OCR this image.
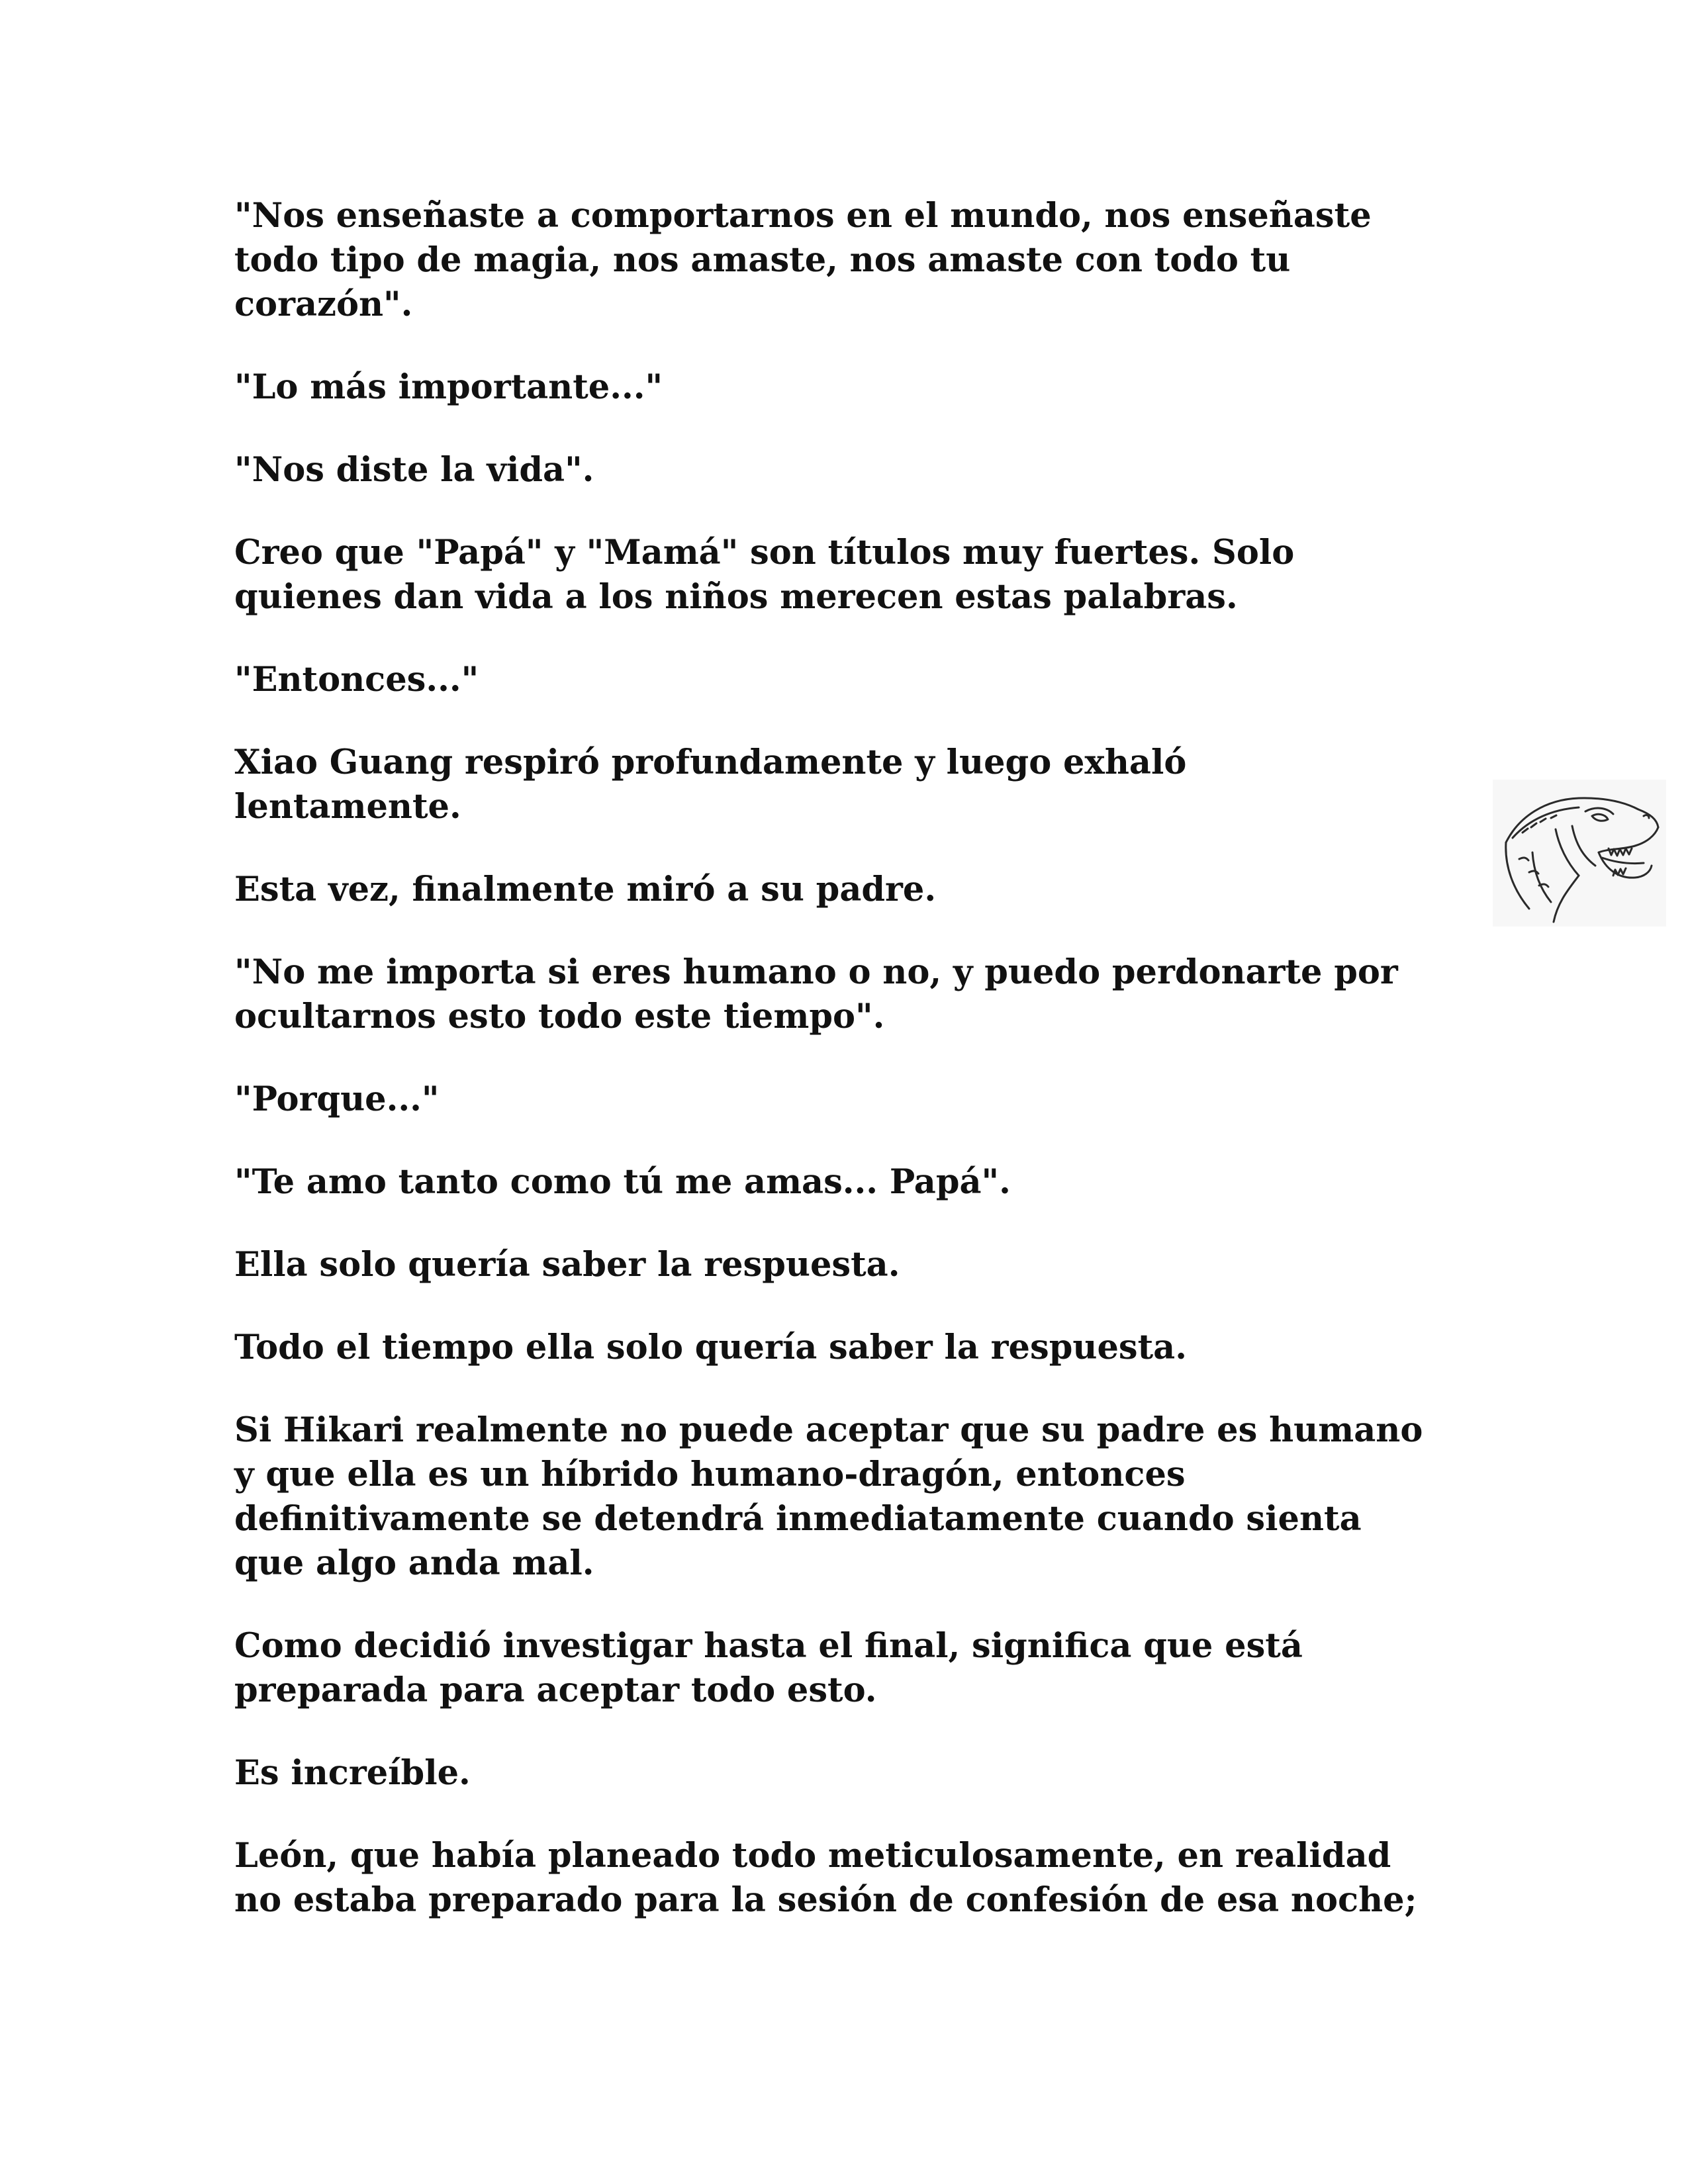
"Nos enseñaste a comportarnos en el mundo, nos enseñaste
todo tipo de magia, nos amaste, nos amaste con todo tu
corazón".

"Lo más importante..."

"Nos diste la vida".

Creo que "Papá" y "Mamá" son títulos muy fuertes. Solo
quienes dan vida a los niños merecen estas palabras.

"Entonces..."

Xiao Guang respiró profundamente y luego exhaló
lentamente.

Esta vez, finalmente miró a su padre.

"No me importa si eres humano o no, y puedo perdonarte por
ocultarnos esto todo este tiempo".

"Porque..."

"Te amo tanto como tú me amas... Papá".

Ella solo quería saber la respuesta.

Todo el tiempo ella solo quería saber la respuesta.

Si Hikari realmente no puede aceptar que su padre es humano
y que ella es un híbrido humano-dragón, entonces
definitivamente se detendrá inmediatamente cuando sienta
que algo anda mal.

Como decidió investigar hasta el final, significa que está
preparada para aceptar todo esto.

Es increíble.

León, que había planeado todo meticulosamente, en realidad
no estaba preparado para la sesión de confesión de esa noche;
